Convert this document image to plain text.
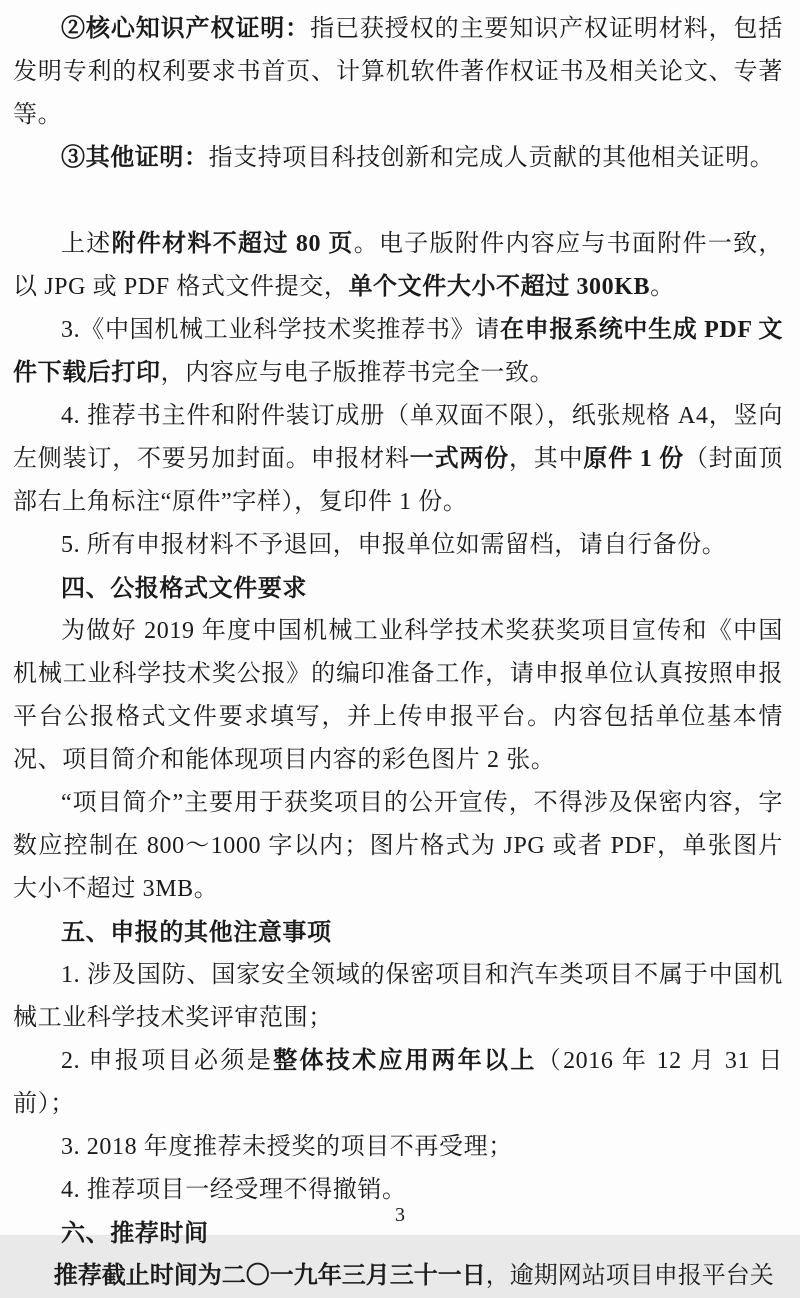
②核心知识产权证明：指已获授权的主要知识产权证明材料，包括发明专利的权利要求书首页、计算机软件著作权证书及相关论文、专著等。

③其他证明：指支持项目科技创新和完成人贡献的其他相关证明。

上述附件材料不超过 80 页。电子版附件内容应与书面附件一致，以 JPG 或 PDF 格式文件提交，单个文件大小不超过 300KB。

3.《中国机械工业科学技术奖推荐书》请在申报系统中生成 PDF 文件下载后打印，内容应与电子版推荐书完全一致。

4. 推荐书主件和附件装订成册（单双面不限），纸张规格 A4，竖向左侧装订，不要另加封面。申报材料一式两份，其中原件 1 份（封面顶部右上角标注“原件”字样），复印件 1 份。

5. 所有申报材料不予退回，申报单位如需留档，请自行备份。

四、公报格式文件要求

为做好 2019 年度中国机械工业科学技术奖获奖项目宣传和《中国机械工业科学技术奖公报》的编印准备工作，请申报单位认真按照申报平台公报格式文件要求填写，并上传申报平台。内容包括单位基本情况、项目简介和能体现项目内容的彩色图片 2 张。

“项目简介”主要用于获奖项目的公开宣传，不得涉及保密内容，字数应控制在 800～1000 字以内；图片格式为 JPG 或者 PDF，单张图片大小不超过 3MB。

五、申报的其他注意事项

1. 涉及国防、国家安全领域的保密项目和汽车类项目不属于中国机械工业科学技术奖评审范围；

2. 申报项目必须是整体技术应用两年以上（2016 年 12 月 31 日前）；

3. 2018 年度推荐未授奖的项目不再受理；

4. 推荐项目一经受理不得撤销。

六、推荐时间

推荐截止时间为二〇一九年三月三十一日，逾期网站项目申报平台关

3
